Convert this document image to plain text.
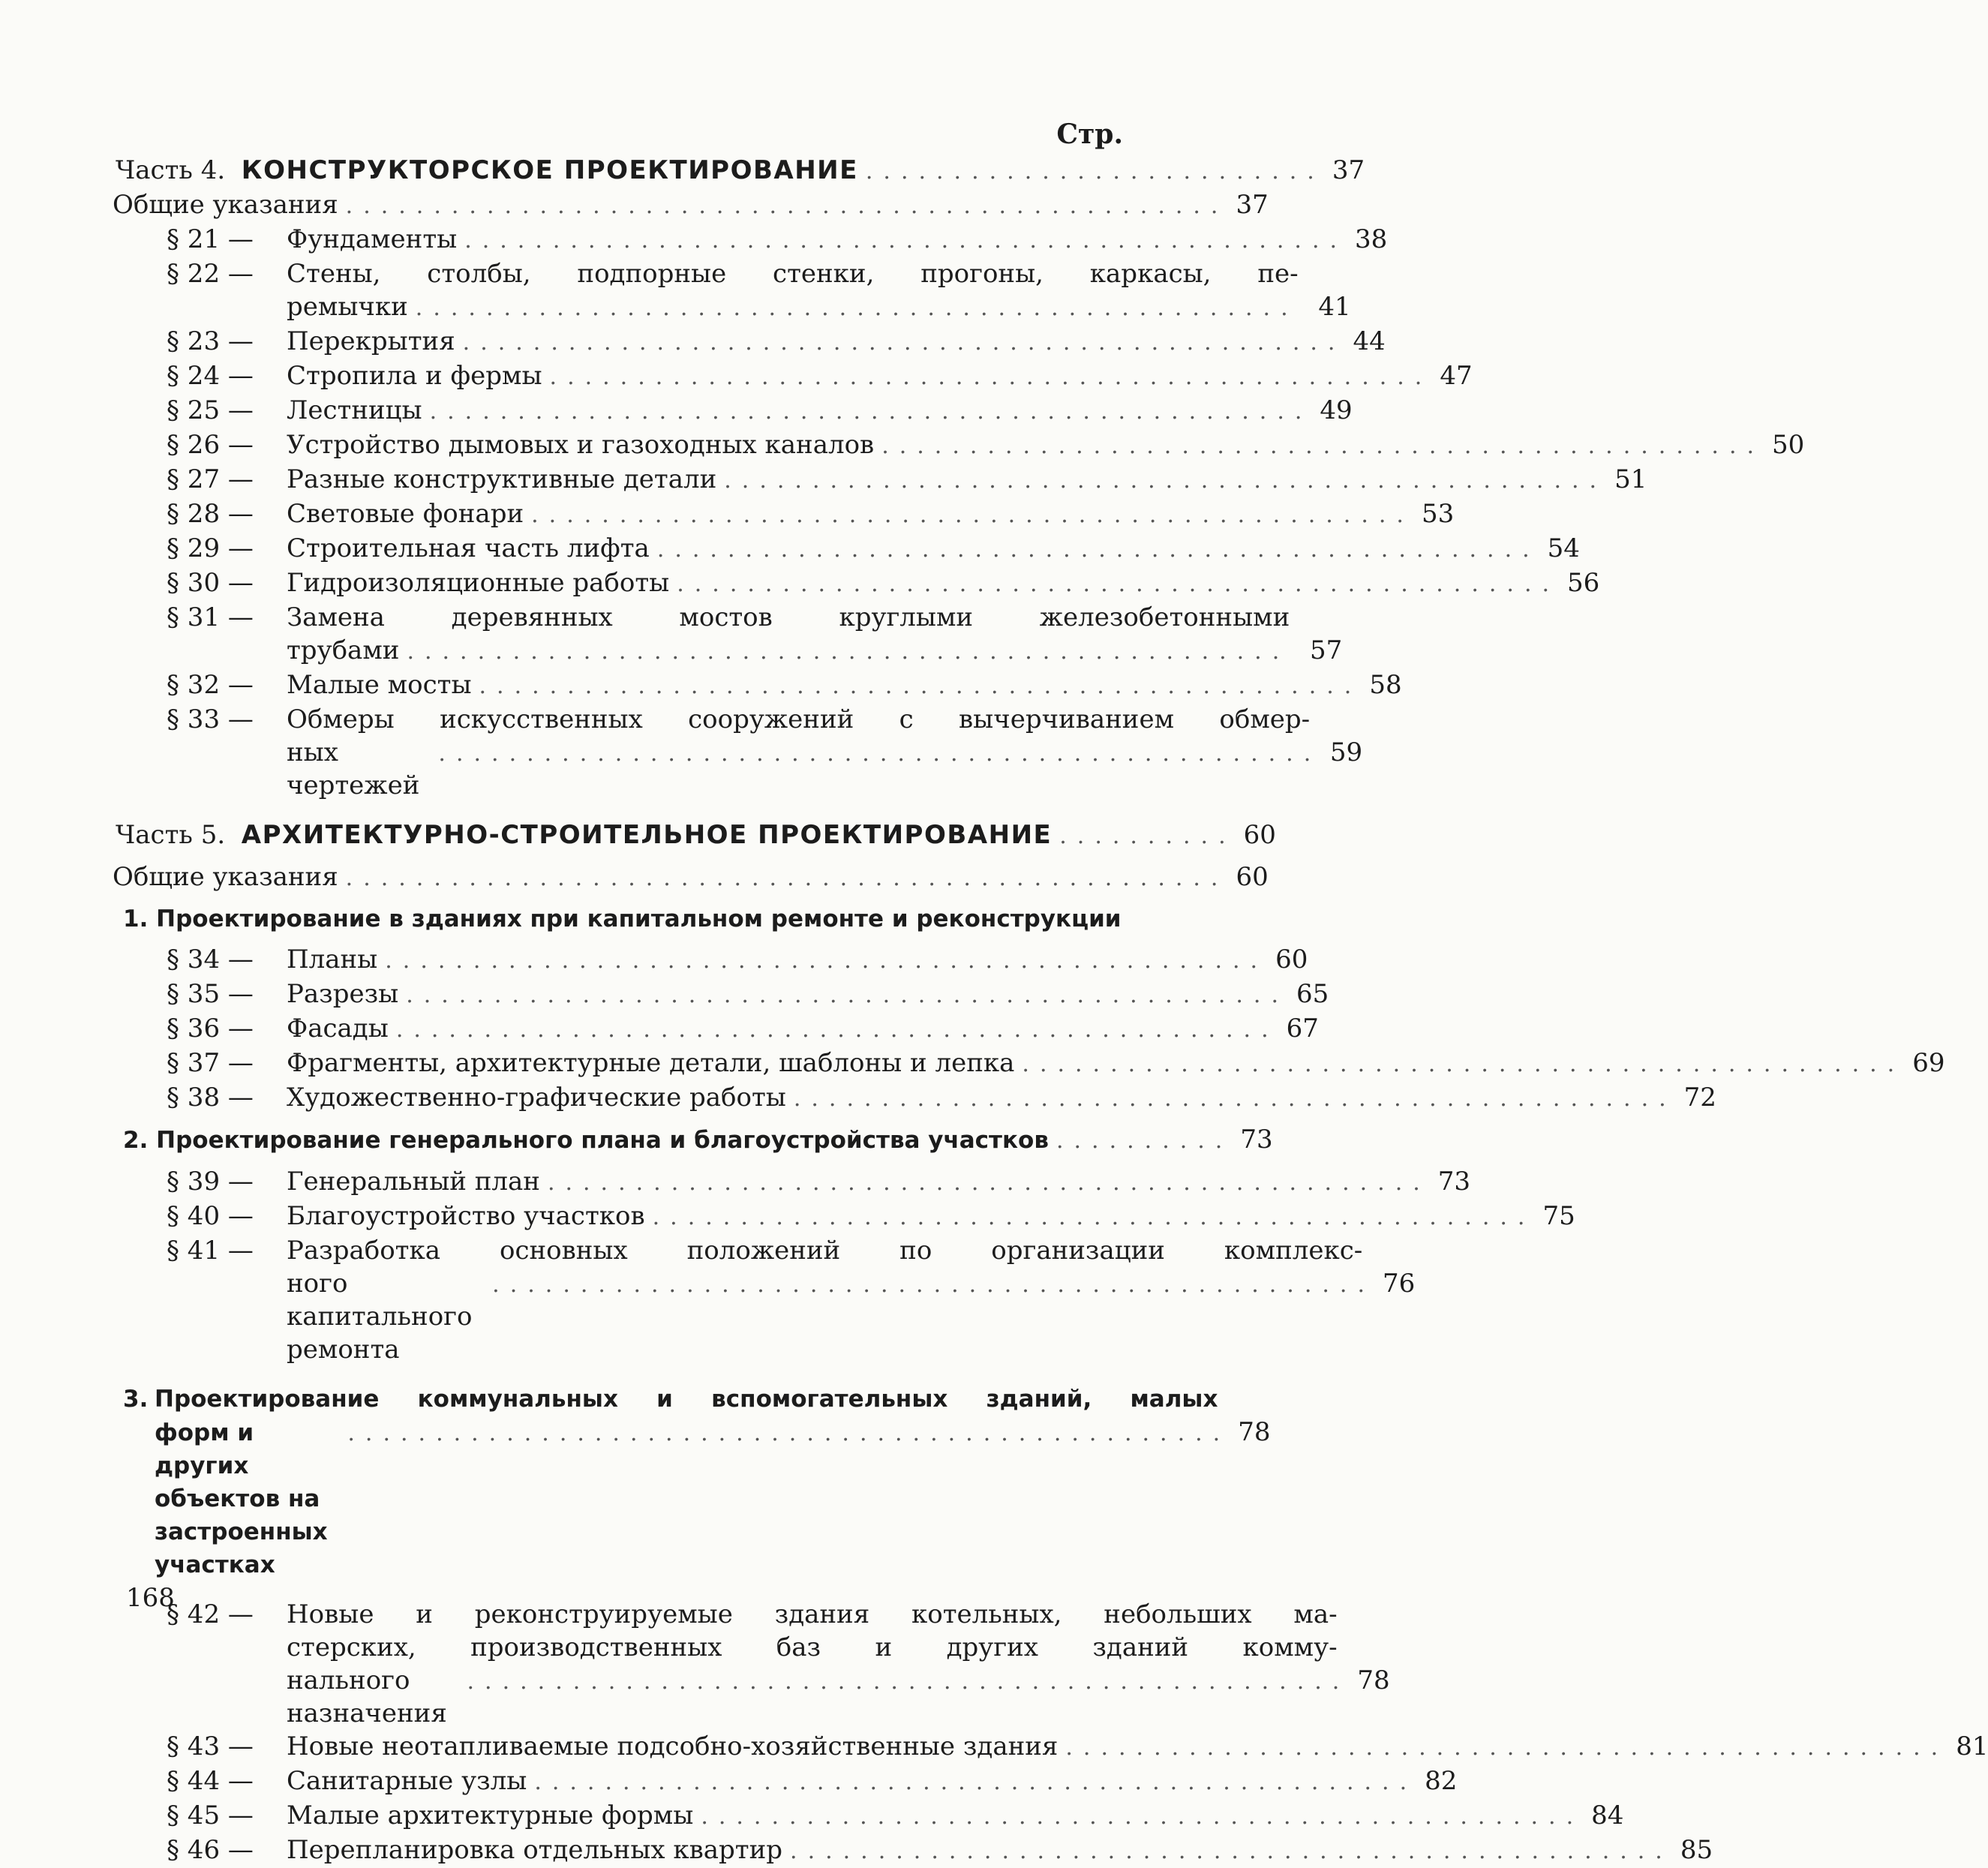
Стр.
Часть 4. КОНСТРУКТОРСКОЕ ПРОЕКТИРОВАНИЕ .......................... 37
Общие указания .................................................. 37
§ 21 — Фундаменты .................................................. 38
§ 22 —	Стены, столбы, подпорные стенки, прогоны, каркасы, пе-
ремычки .................................................. 41
§ 23 — Перекрытия .................................................. 44
§ 24 — Стропила и фермы .................................................. 47
§ 25 — Лестницы .................................................. 49
§ 26 — Устройство дымовых и газоходных каналов .................................................. 50
§ 27 — Разные конструктивные детали .................................................. 51
§ 28 — Световые фонари .................................................. 53
§ 29 — Строительная часть лифта .................................................. 54
§ 30 — Гидроизоляционные работы .................................................. 56
§ 31 —	Замена деревянных мостов круглыми железобетонными
трубами .................................................. 57
§ 32 — Малые мосты .................................................. 58
§ 33 —	Обмеры искусственных сооружений с вычерчиванием обмер-
ных чертежей
.................................................. 59
Часть 5. АРХИТЕКТУРНО-СТРОИТЕЛЬНОЕ ПРОЕКТИРОВАНИЕ .......... 60
Общие указания .................................................. 60
1. Проектирование в зданиях при капитальном ремонте и реконструкции
§ 34 — Планы .................................................. 60
§ 35 — Разрезы .................................................. 65
§ 36 — Фасады .................................................. 67
§ 37 — Фрагменты, архитектурные детали, шаблоны и лепка .................................................. 69
§ 38 — Художественно-графические работы .................................................. 72
2. Проектирование генерального плана и благоустройства участков .......... 73
§ 39 — Генеральный план .................................................. 73
§ 40 — Благоустройство участков .................................................. 75
§ 41 —	Разработка основных положений по организации комплекс-
ного капитального ремонта
.................................................. 76
3. Проектирование коммунальных и вспомогательных зданий, малых
форм и других объектов на застроенных участках
.................................................. 78
§ 42 —	Новые и реконструируемые здания котельных, небольших ма-
стерских, производственных баз и других зданий комму-
нального назначения
.................................................. 78
§ 43 — Новые неотапливаемые подсобно-хозяйственные здания .................................................. 81
§ 44 — Санитарные узлы .................................................. 82
§ 45 — Малые архитектурные формы .................................................. 84
§ 46 — Перепланировка отдельных квартир .................................................. 85
168
